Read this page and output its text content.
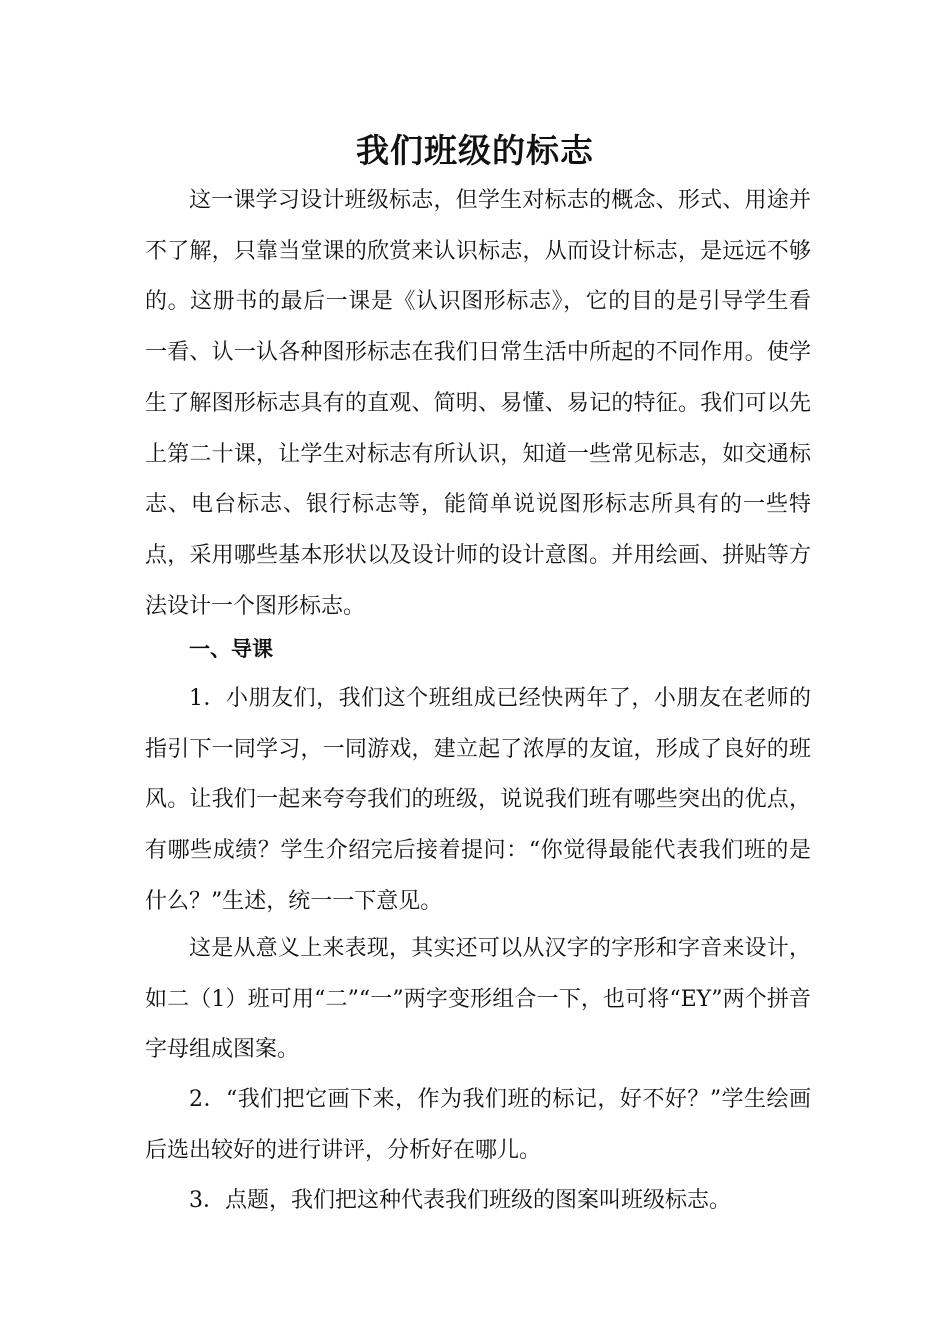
我们班级的标志

这一课学习设计班级标志，但学生对标志的概念、形式、用途并不了解，只靠当堂课的欣赏来认识标志，从而设计标志，是远远不够的。这册书的最后一课是《认识图形标志》，它的目的是引导学生看一看、认一认各种图形标志在我们日常生活中所起的不同作用。使学生了解图形标志具有的直观、简明、易懂、易记的特征。我们可以先上第二十课，让学生对标志有所认识，知道一些常见标志，如交通标志、电台标志、银行标志等，能简单说说图形标志所具有的一些特点，采用哪些基本形状以及设计师的设计意图。并用绘画、拼贴等方法设计一个图形标志。

一、导课

1．小朋友们，我们这个班组成已经快两年了，小朋友在老师的指引下一同学习，一同游戏，建立起了浓厚的友谊，形成了良好的班风。让我们一起来夸夸我们的班级，说说我们班有哪些突出的优点，有哪些成绩？学生介绍完后接着提问：“你觉得最能代表我们班的是什么？”生述，统一一下意见。

这是从意义上来表现，其实还可以从汉字的字形和字音来设计，如二（1）班可用“二”“一”两字变形组合一下，也可将“EY”两个拼音字母组成图案。

2．“我们把它画下来，作为我们班的标记，好不好？”学生绘画后选出较好的进行讲评，分析好在哪儿。

3．点题，我们把这种代表我们班级的图案叫班级标志。
